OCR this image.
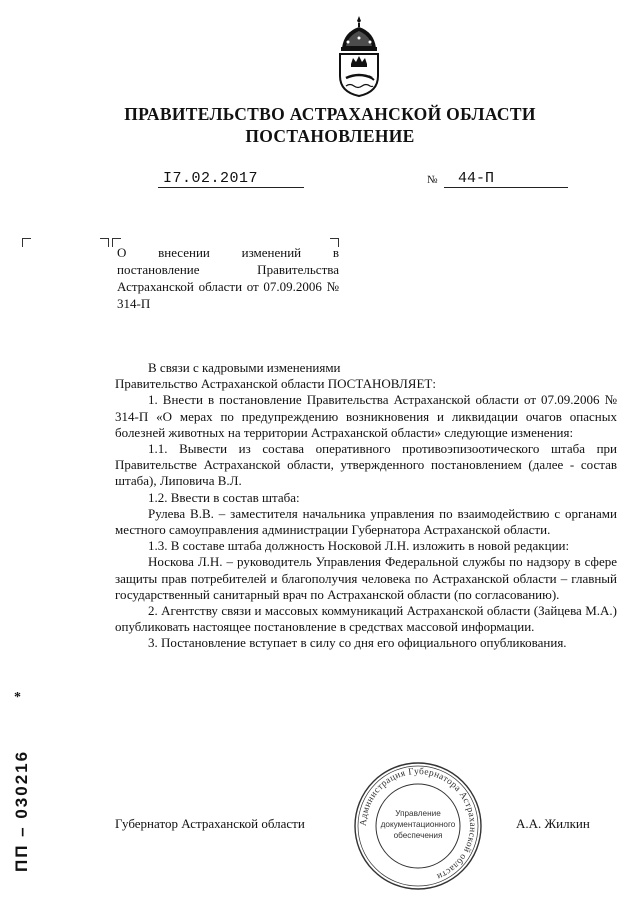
ПРАВИТЕЛЬСТВО АСТРАХАНСКОЙ ОБЛАСТИ
ПОСТАНОВЛЕНИЕ
I7.02.2017	№ 44-П
О внесении изменений в постановление Правительства Астраханской области от 07.09.2006 № 314-П

В связи с кадровыми изменениями

Правительство Астраханской области ПОСТАНОВЛЯЕТ:

1. Внести в постановление Правительства Астраханской области от 07.09.2006 № 314-П «О мерах по предупреждению возникновения и ликвидации очагов опасных болезней животных на территории Астраханской области» следующие изменения:

1.1. Вывести из состава оперативного противоэпизоотического штаба при Правительстве Астраханской области, утвержденного постановлением (далее - состав штаба), Липовича В.Л.

1.2. Ввести в состав штаба:

Рулева В.В. – заместителя начальника управления по взаимодействию с органами местного самоуправления администрации Губернатора Астраханской области.

1.3. В составе штаба должность Носковой Л.Н. изложить в новой редакции:

Носкова Л.Н. – руководитель Управления Федеральной службы по надзору в сфере защиты прав потребителей и благополучия человека по Астраханской области – главный государственный санитарный врач по Астраханской области (по согласованию).

2. Агентству связи и массовых коммуникаций Астраханской области (Зайцева М.А.) опубликовать настоящее постановление в средствах массовой информации.

3. Постановление вступает в силу со дня его официального опубликования.

Губернатор Астраханской области	А.А. Жилкин
Администрация Губернатора Астраханской области
Управление
документационного
обеспечения
*
ПП – 030216
